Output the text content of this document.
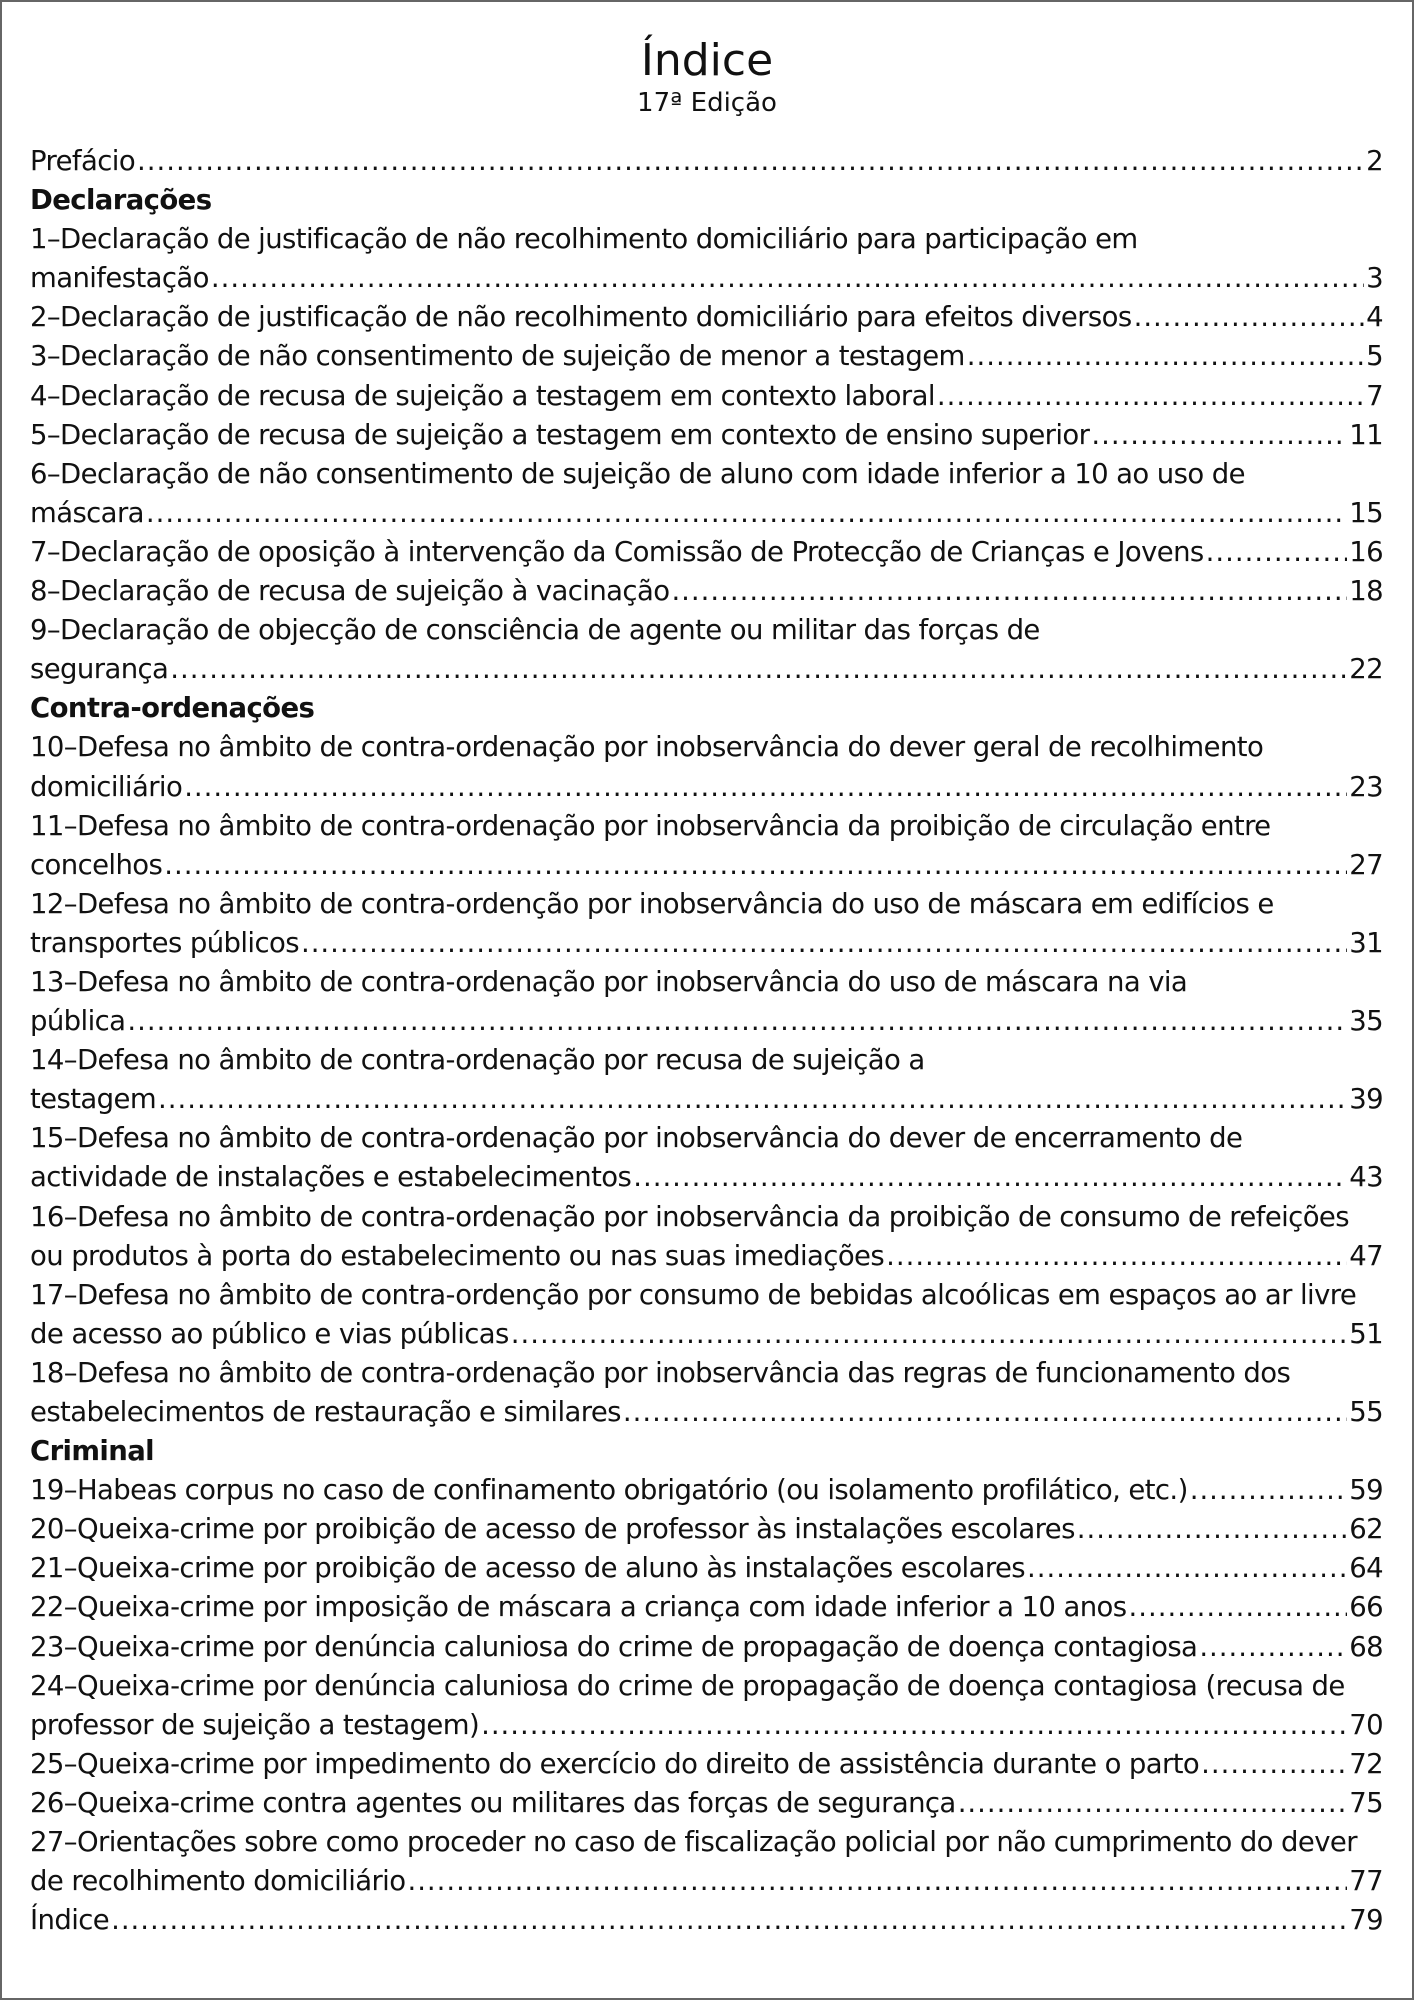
Índice
17ª Edição
Prefácio .....	2
Declarações
1–Declaração de justificação de não recolhimento domiciliário para participação em
manifestação .....	3
2–Declaração de justificação de não recolhimento domiciliário para efeitos diversos .....	4
3–Declaração de não consentimento de sujeição de menor a testagem .....	5
4–Declaração de recusa de sujeição a testagem em contexto laboral .....	7
5–Declaração de recusa de sujeição a testagem em contexto de ensino superior .....	11
6–Declaração de não consentimento de sujeição de aluno com idade inferior a 10 ao uso de
máscara .....	15
7–Declaração de oposição à intervenção da Comissão de Protecção de Crianças e Jovens .....	16
8–Declaração de recusa de sujeição à vacinação .....	18
9–Declaração de objecção de consciência de agente ou militar das forças de
segurança .....	22
Contra-ordenações
10–Defesa no âmbito de contra-ordenação por inobservância do dever geral de recolhimento
domiciliário .....	23
11–Defesa no âmbito de contra-ordenação por inobservância da proibição de circulação entre
concelhos .....	27
12–Defesa no âmbito de contra-ordenção por inobservância do uso de máscara em edifícios e
transportes públicos .....	31
13–Defesa no âmbito de contra-ordenação por inobservância do uso de máscara na via
pública .....	35
14–Defesa no âmbito de contra-ordenação por recusa de sujeição a
testagem .....	39
15–Defesa no âmbito de contra-ordenação por inobservância do dever de encerramento de
actividade de instalações e estabelecimentos .....	43
16–Defesa no âmbito de contra-ordenação por inobservância da proibição de consumo de refeições
ou produtos à porta do estabelecimento ou nas suas imediações .....	47
17–Defesa no âmbito de contra-ordenção por consumo de bebidas alcoólicas em espaços ao ar livre
de acesso ao público e vias públicas .....	51
18–Defesa no âmbito de contra-ordenação por inobservância das regras de funcionamento dos
estabelecimentos de restauração e similares .....	55
Criminal
19–Habeas corpus no caso de confinamento obrigatório (ou isolamento profilático, etc.) .....	59
20–Queixa-crime por proibição de acesso de professor às instalações escolares .....	62
21–Queixa-crime por proibição de acesso de aluno às instalações escolares .....	64
22–Queixa-crime por imposição de máscara a criança com idade inferior a 10 anos .....	66
23–Queixa-crime por denúncia caluniosa do crime de propagação de doença contagiosa .....	68
24–Queixa-crime por denúncia caluniosa do crime de propagação de doença contagiosa (recusa de
professor de sujeição a testagem) .....	70
25–Queixa-crime por impedimento do exercício do direito de assistência durante o parto .....	72
26–Queixa-crime contra agentes ou militares das forças de segurança .....	75
27–Orientações sobre como proceder no caso de fiscalização policial por não cumprimento do dever
de recolhimento domiciliário .....	77
Índice .....	79
